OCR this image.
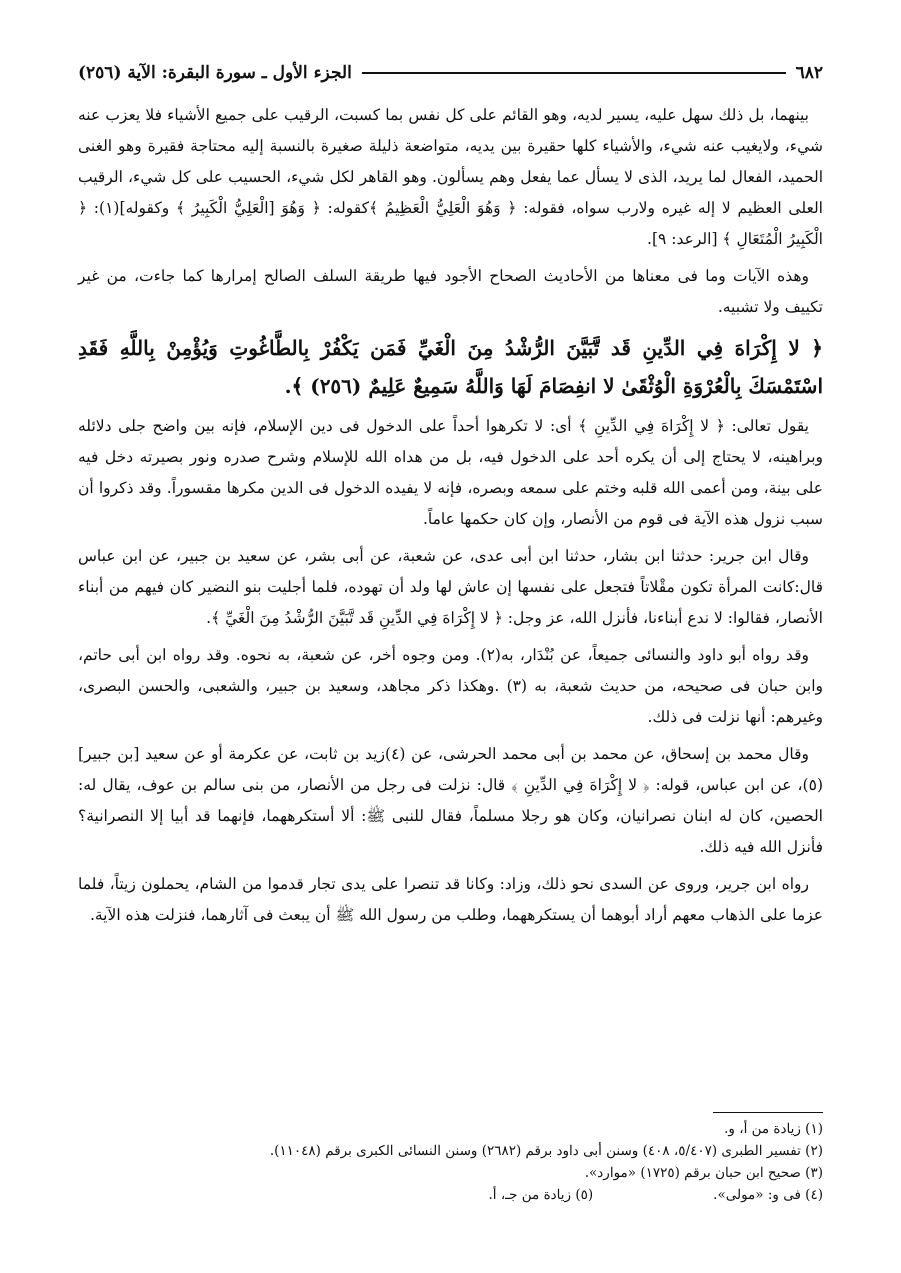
٦٨٢
الجزء الأول ـ سورة البقرة: الآية (٢٥٦)

بينهما، بل ذلك سهل عليه، يسير لديه، وهو القائم على كل نفس بما كسبت، الرقيب على جميع الأشياء فلا يعزب عنه شيء، ولايغيب عنه شيء، والأشياء كلها حقيرة بين يديه، متواضعة ذليلة صغيرة بالنسبة إليه محتاجة فقيرة وهو الغنى الحميد، الفعال لما يريد، الذى لا يسأل عما يفعل وهم يسألون. وهو القاهر لكل شيء، الحسيب على كل شيء، الرقيب العلى العظيم لا إله غيره ولارب سواه، فقوله: ﴿ وَهُوَ الْعَلِيُّ الْعَظِيمُ ﴾كقوله: ﴿ وَهُوَ [الْعَلِيُّ الْكَبِيرُ ﴾ وكقوله](١): ﴿ الْكَبِيرُ الْمُتَعَالِ ﴾ [الرعد: ٩].

وهذه الآيات وما فى معناها من الأحاديث الصحاح الأجود فيها طريقة السلف الصالح إمرارها كما جاءت، من غير تكييف ولا تشبيه.

﴿ لا إِكْرَاهَ فِي الدِّينِ قَد تَّبَيَّنَ الرُّشْدُ مِنَ الْغَيِّ فَمَن يَكْفُرْ بِالطَّاغُوتِ وَيُؤْمِنْ بِاللَّهِ فَقَدِ اسْتَمْسَكَ بِالْعُرْوَةِ الْوُثْقَىٰ لا انفِصَامَ لَهَا وَاللَّهُ سَمِيعٌ عَلِيمٌ (٢٥٦) ﴾.

يقول تعالى: ﴿ لا إِكْرَاهَ فِي الدِّينِ ﴾ أى: لا تكرهوا أحداً على الدخول فى دين الإسلام، فإنه بين واضح جلى دلائله وبراهينه، لا يحتاج إلى أن يكره أحد على الدخول فيه، بل من هداه الله للإسلام وشرح صدره ونور بصيرته دخل فيه على بينة، ومن أعمى الله قلبه وختم على سمعه وبصره، فإنه لا يفيده الدخول فى الدين مكرها مقسوراً. وقد ذكروا أن سبب نزول هذه الآية فى قوم من الأنصار، وإن كان حكمها عاماً.

وقال ابن جرير: حدثنا ابن بشار، حدثنا ابن أبى عدى، عن شعبة، عن أبى بشر، عن سعيد بن جبير، عن ابن عباس قال:كانت المرأة تكون مقْلاتاً فتجعل على نفسها إن عاش لها ولد أن تهوده، فلما أجليت بنو النضير كان فيهم من أبناء الأنصار، فقالوا: لا ندع أبناءنا، فأنزل الله، عز وجل: ﴿ لا إِكْرَاهَ فِي الدِّينِ قَد تَّبَيَّنَ الرُّشْدُ مِنَ الْغَيِّ ﴾.

وقد رواه أبو داود والنسائى جميعاً، عن بُنْدَار، به(٢). ومن وجوه أخر، عن شعبة، به نحوه. وقد رواه ابن أبى حاتم، وابن حبان فى صحيحه، من حديث شعبة، به (٣) .وهكذا ذكر مجاهد، وسعيد بن جبير، والشعبى، والحسن البصرى، وغيرهم: أنها نزلت فى ذلك.

وقال محمد بن إسحاق، عن محمد بن أبى محمد الحرشى، عن (٤)زيد بن ثابت، عن عكرمة أو عن سعيد [بن جبير] (٥)، عن ابن عباس، قوله: ﴿ لا إِكْرَاهَ فِي الدِّينِ ﴾ قال: نزلت فى رجل من الأنصار، من بنى سالم بن عوف، يقال له: الحصين، كان له ابنان نصرانيان، وكان هو رجلا مسلماً، فقال للنبى ﷺ: ألا أستكرههما، فإنهما قد أبيا إلا النصرانية؟ فأنزل الله فيه ذلك.

رواه ابن جرير، وروى عن السدى نحو ذلك، وزاد: وكانا قد تنصرا على يدى تجار قدموا من الشام، يحملون زيتاً، فلما عزما على الذهاب معهم أراد أبوهما أن يستكرههما، وطلب من رسول الله ﷺ أن يبعث فى آثارهما، فنزلت هذه الآية.

(١) زيادة من أ، و.

(٢) تفسير الطبرى (٥/٤٠٧، ٤٠٨) وسنن أبى داود برقم (٢٦٨٢) وسنن النسائى الكبرى برقم (١١٠٤٨).

(٣) صحيح ابن حبان برقم (١٧٢٥) «موارد».

(٤) فى و: «مولى».

(٥) زيادة من جـ، أ.
